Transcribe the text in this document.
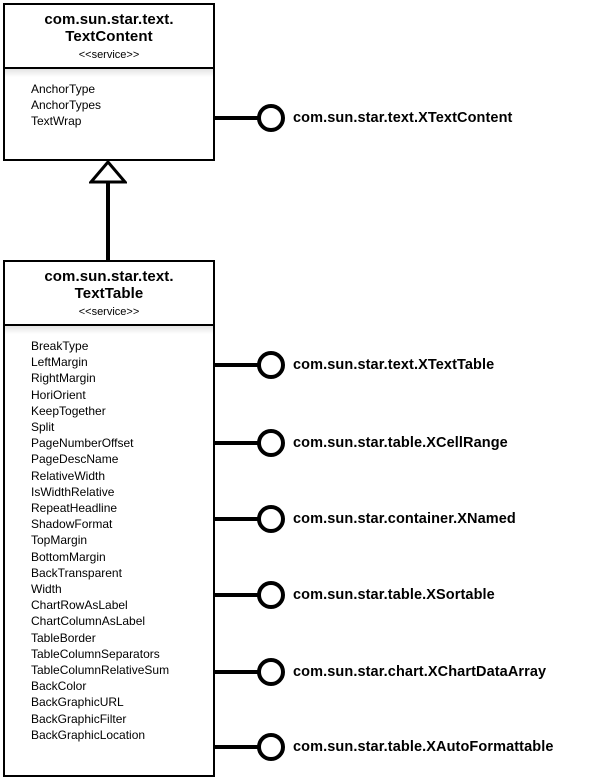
com.sun.star.text.
TextContent
<<service>>
AnchorType
AnchorTypes
TextWrap	com.sun.star.text.XTextContent
com.sun.star.text.
TextTable
<<service>>
BreakType
LeftMargin
RightMargin
HoriOrient
KeepTogether
Split
PageNumberOffset
PageDescName
RelativeWidth
IsWidthRelative
RepeatHeadline
ShadowFormat
TopMargin
BottomMargin
BackTransparent
Width
ChartRowAsLabel
ChartColumnAsLabel
TableBorder
TableColumnSeparators
TableColumnRelativeSum
BackColor
BackGraphicURL
BackGraphicFilter
BackGraphicLocation
com.sun.star.text.XTextTable
com.sun.star.table.XCellRange
com.sun.star.container.XNamed
com.sun.star.table.XSortable
com.sun.star.chart.XChartDataArray
com.sun.star.table.XAutoFormattable
